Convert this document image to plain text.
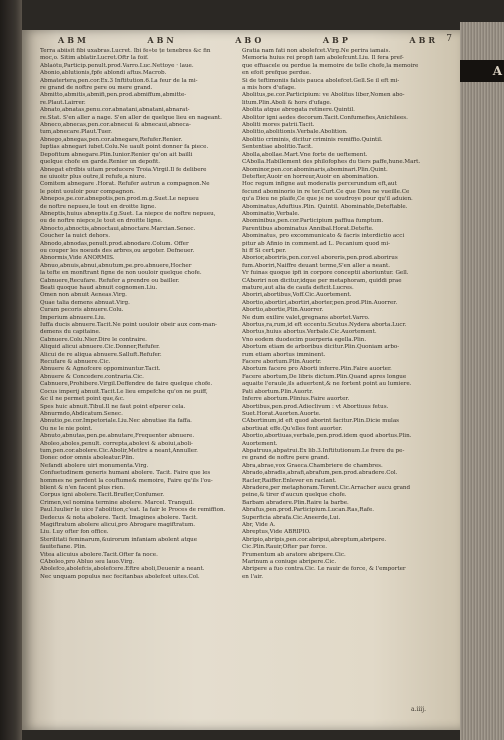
ABM	ABN	ABO	ABP	ABR 7

Terra abiisit fibi uxabras.Lucret. Ibi fe»te ṭe tenebres &c fin

moc‚o. Sitim ablatir.Lucret.Oftr la foif.

Ablaótu,Particip.penult.prod.Varro.Luc.Nettoye · laue.

Abonio,ablutionis,fpfe ablondi aftus.Macrob.

Abmaterterа,pen.cor.Ex.3 Inftitution.6.La feur de la mi-

re grand de noftre pere ou mere grand.

Abmitto,abmitis,abmifi,pen.prod.abmiffum,abmitte-

re.Plaut.Lairrer.

Abnato,abnatas,penu.cor.abnatani,abnatani,abnarat-

re.Stat. S'en aller a nage. S'en aller de quelque lieu en nageant.

Abneco,abnecas,pen.cor.abnecui & abnecaui,abneca-

tum,abnecare.Plaut.Tuer.

Abnego,abnegas,pen.cor.abnegare,Refufer.Renier.

Iuptias abnegari iubet.Colu.Ne uault point donner fa piece.

Depofitum abnegare.Plin.Iunior.Renier qu'on ait bailli

quelque chofe en garde.Renier un depofit.

Abnegat efrdbis uitam producere Troia.Virgil.Il fe delibere

ne uiuoitr plus outre,il refufe,a niure.

Comitem abnegare .Horat. Refufer autrun a compagnon.Ne

le point uouloir pour compagnon.

Abnepos,pe.cor.abnepotis,pen.prod.m.g.Suet.Le nepueu

de noftre nepueu,le tout en droitte ligne.

Abneptis,huius abneptis.f.g.Suet. La niepce de noftre nepueu,

ou de noftre niepce,le tout en droitte ligne.

Abnocto,abnoctis,abnoctaui,abnoctare.Marcian.Senec.

Coucher la nuict dehors.

Abnodo,abnodas,penult.prod.abnodare.Colum. Offer

ou couper les noeuds des arbres,ou argoter. Defneuer.

Abnormis,Vide ANORMIS.

Abnuo,abnuis,abnui,abnutum,pe.pro.abnuere,Hocher

la tefte en monftrant figne de non uouloir quelque chofe.

Cabnuere,Recufare. Refufer a prendre ou bailler.

Beati quoque haud abnuit cognomen.Liu.

Omen non abnuit Aeneas.Virg.

Quae talia demens abnuat.Virg.

Curam pecoris abnuere.Colu.

Imperium abnuere.Liu.

Iuffa ducis abnuere.Tacit.Ne point uouloir obeir aux com-man-

demens du capitaine.

Cabnuere.Colu.Nier.Dire le contraire.

Aliquid alicui abnuere.Cic.Donner,Refufer.

Alicui de re aliqua abnuere.Salluft.Refufer.

Recufare & abnuere.Cic.

Abnuere & Agnofcere oppominuntur.Tacit.

Abnuere & Concedere.contraria.Cic.

Cabnuere,Prohibere.Virgil.Deffendre de faire quelque chofe.

Cocus imperij abnuit.Tacit.Le lieu empefche qu'on ne puiff,

&c il ne permet point que,&c.

Spes huic abnuit.Tibul.Il ne faut point efperer cela.

Abnurmdo,Abdicatum.Senec.

Abnutio,pe.cor.Impetoriale.Liu.Nec abnutiae ita faffa.

Ou ne le nie point.

Abnuto,abnutas,pen.pe.abnutare,Frequenter abnuere.

Aboleo,aboles,penult. correpta,abolevi & aboiui,aboli-

tum,pen.cor.abolere.Cic.Abolir,Mettre a neant,Annuller.

Donec odor omnis aboleatur.Plin.

Nefandi abolere uiri monumenta.Virg.

Confuetudinem generis humani abolere. Tacit. Faire que les

hommes ne perdent la couftume& memoire, Faire qu'ils l'ou-

blient & n'en facent plus rien.

Corpus igni abolere.Tacit.Brufler,Confumer.

Crimen,vel nomina termine abolere. Marcel. Tranquil.

Paul.Iuulier le uice l'abolition,c'eat. Ia fair le Proces de remiffion.

Dedecus & nota abolere. Tacit. Imagines abolere. Tacit.

Magiftratum abolere alicui,pro Abrogare magiftratum.

Liu. Luy ofter fon office.

Sterilitati feminarum,&uirorum infaniam abolent atque

fauitefiane. Plin.

Vitea alicuius abolere.Tacit.Ofter fa noce.

CAboleo,pro Abluo seu lauo.Virg.

Abolefco,abolefcis,abolefcere.Eftre aboli,Deuenir a neant.

Nec unquam populus nec fecitanbas abolefcet uites.Col.

Gratia nam fati non abolefcet.Virg.Ne perira iamais.

Memoria huius rei propfi iam abolefcunt.Liu. Il fera pref-

que effuacele ou perdue la memoire de telle chofe,la memoire

en efoit prefque perdue.

Si de teftimoniis falsis pauca abolefcet.Gell.Se il eft mi-

a mis hors d'ufage.

Abolitus,pe.cor.Participium: ve Abolitus liber,Nomen abo-

litum.Plin.Aboli & hors d'ufage.

Abolita atque abrogata retinere.Quintil.

Abolitor igni aedes decorum.Tacit.Confumefies,Anichilees.

Aboliti mores patrii.Tacit.

Abolitio,abolitionis.Verbale.Abolition.

Abolitio criminis, dicitur criminis remiffio.Quintil.

Sententiae abolitio.Tacit.

Abolla,abollae.Mart.Vne forte de ueftement.

CAbolla.Habillement des philofophes du tiers paffe,hune.Mart.

Abominor,pen.cor.abominaris,abominari.Plin.Quint.

Detefter,Auoir en horreur,Auoir en abomination.

Hoc regum infigne aut moderatis percerundum eft,aut

fecund abominorio in re ter.Curt.Ce que Dieu ne vueille.Ce

qu'a Dieu ne plaife,Ce que je ne uoudroye pour qu'il aduien.

Abominatus,Aduftius.Plin. Quintil. Abominable,Deteftable.

Abominatio,Verbale.

Abominibus,pen.cor.Participium paffiua fumptum.

Parentibus abominatus Annibal.Horat.Detefte.

Abominatus, pro excommunicato & facris interdictio acci

pitur ab Afinio in comment.ad L. Pecanium quod mi-

hi ff Si cert.per.

Aborior,aboriris,pen.cor.vel aboreris,pen.prod.aborirus

fum.Aboriri,Naiffre deuant terme,S'en aller a neant.

Vr fuinas quoque ipfi in corpore conceptii aboriuntur. Gell.

CAboriri non dicitur,idque per metaphoram, quiddi prae

mature,aut alia de caufa deficit.Lucres.

Aboriri,abortibus,Voff.Cic.Auortement.

Abortio,abortiri,abortiri,aborter,pen.prod.Plin.Auorrer.

Abortio,abortie,Plin.Auorrer.

Ne dum exilire valet,gregnans abortet.Varro.

Abortus,ra,rum,id eft eccentu.Scutus.Nydera aborta.Lucr.

Abortus,huius abortus.Verbale.Cic.Auortement.

Vno eodem duodecim puerperia egella.Plin.

Abortum etiam de arboribus dicitur.Plin.Quoniam arbo-

rum etiam abortus imminent.

Facere abortum.Plin.Auortr.

Abortum facere pro Aborti inferre.Plin.Faire auorter.

Facere abortum,De libris dictum.Plin.Quand apres longue

aquaite l'eraule,ils aduertent,& ne fortent point au lumiere.

Pati abortum.Plin.Auortr.

Inferre abortum.Plinius.Faire auorter.

Abortibus,pen.prod.Adieclivum : vt Abortiuus fetus.

Suet.Horat.Auorten.Auorte.

CAbortinum,id eft quod aborint facitur.Plin.Dicie mulas

abortiuat effe.Qu'elles font auorter.

Abortio,abortiuas,verbale,pen.prod.idem quod abortus.Plin.

Auortement.

Abpatruus,abpatrui.Ex lib.3.Inftitutionum.Le frere du pe-

re grand de noftre pere grand.

Abra,abrae,vox Graeca.Chambriere de chambres.

Abrado,abradis,abrafi,abrafum,pen.prod.abradere.Col.

Racler,Raiffer.Enlever en raclant.

Abradere,per metaphoram.Terent.Cic.Arracher aucu grand

peine,& tirer d'aucun quelque chofe.

Barbam abradere.Plin.Raire la barbe.

Abrafus,pen.prod.Participium.Lucan.Ras,Rafe.

Superficia abrafa.Cic.Aneerde,Lui.

Abr, Vide A.

Abreptus,Vide ABRIPIO.

Abripio,abripis,pen.cor.abripui,abreptum,abripere.

Cic.Plin.Rauir,Ofter par force.

Frumentum ab aratore abripere.Cic.

Marinum a coniuge abripere.Cic.

Abripere a fuo contra.Cic. Le rauir de force, & l'emporter

en l'air.

a.iiij.
A
